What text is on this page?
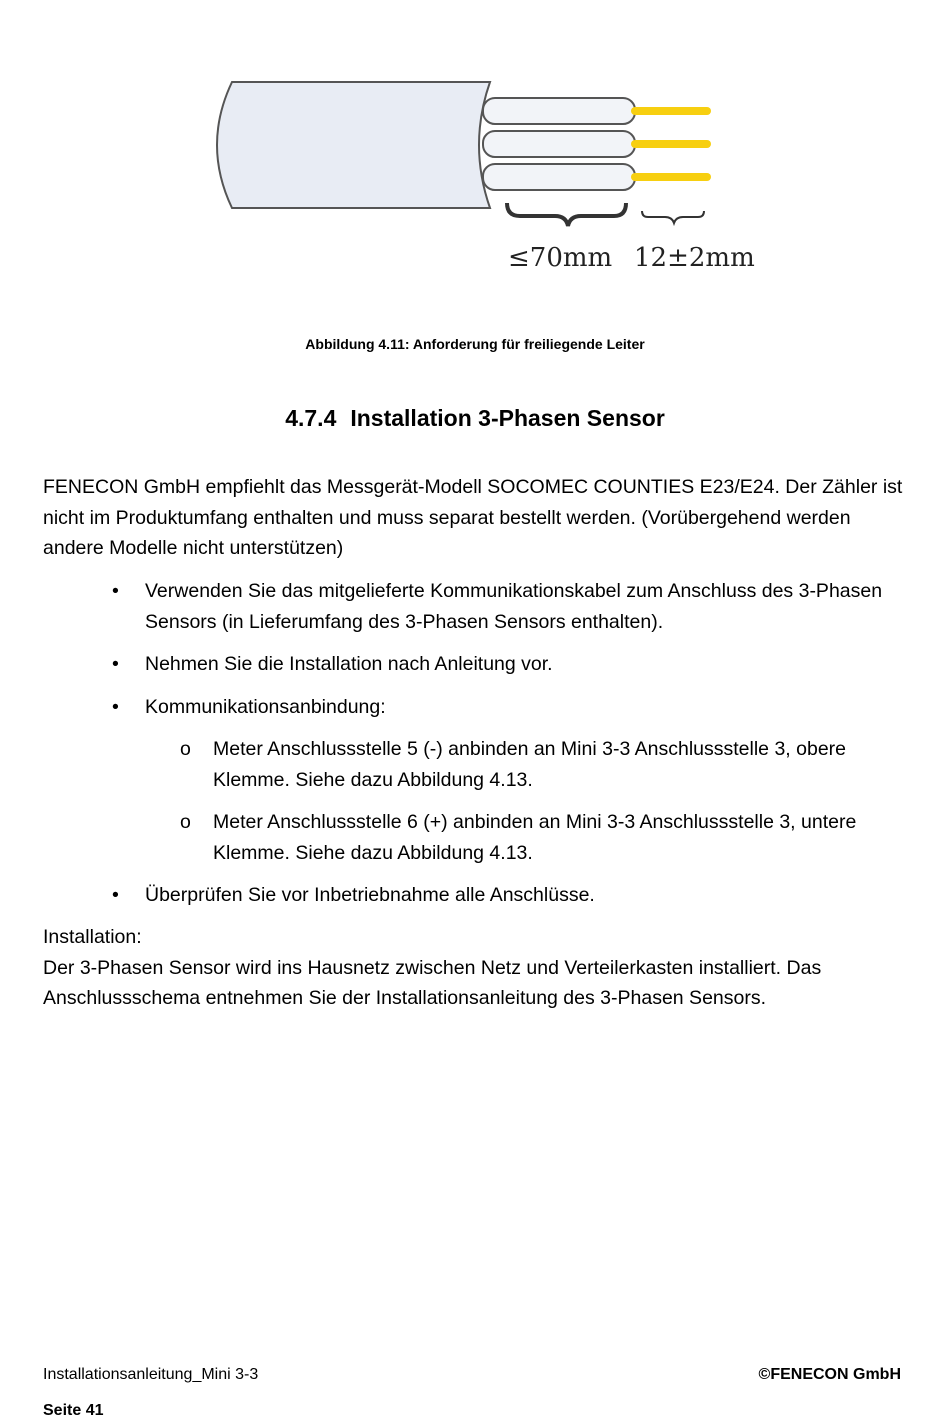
≤70mm 12±2mm
Abbildung 4.11: Anforderung für freiliegende Leiter
4.7.4 Installation 3-Phasen Sensor
FENECON GmbH empfiehlt das Messgerät-Modell SOCOMEC COUNTIES E23/E24. Der Zähler ist nicht im Produktumfang enthalten und muss separat bestellt werden. (Vorübergehend werden andere Modelle nicht unterstützen)
• Verwenden Sie das mitgelieferte Kommunikationskabel zum Anschluss des 3-Phasen Sensors (in Lieferumfang des 3-Phasen Sensors enthalten).
• Nehmen Sie die Installation nach Anleitung vor.
• Kommunikationsanbindung:
o Meter Anschlussstelle 5 (-) anbinden an Mini 3-3 Anschlussstelle 3, obere Klemme. Siehe dazu Abbildung 4.13.
o Meter Anschlussstelle 6 (+) anbinden an Mini 3-3 Anschlussstelle 3, untere Klemme. Siehe dazu Abbildung 4.13.
• Überprüfen Sie vor Inbetriebnahme alle Anschlüsse.
Installation:
Der 3-Phasen Sensor wird ins Hausnetz zwischen Netz und Verteilerkasten installiert. Das Anschlussschema entnehmen Sie der Installationsanleitung des 3-Phasen Sensors.
Installationsanleitung_Mini 3-3	©FENECON GmbH
Seite 41
